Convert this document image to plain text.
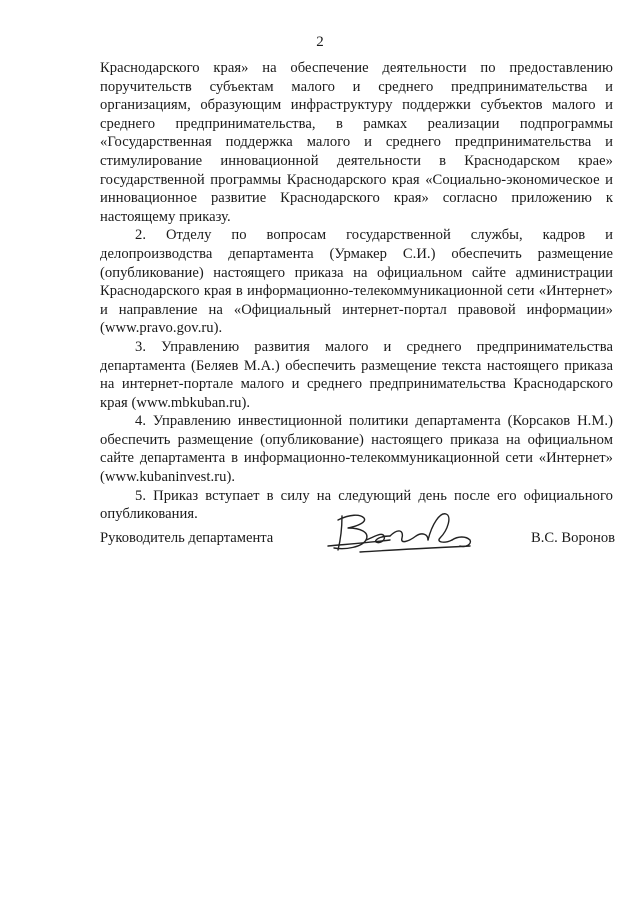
2

Краснодарского края» на обеспечение деятельности по предоставлению поручительств субъектам малого и среднего предпринимательства и организациям, образующим инфраструктуру поддержки субъектов малого и среднего предпринимательства, в рамках реализации подпрограммы «Государственная поддержка малого и среднего предпринимательства и стимулирование инновационной деятельности в Краснодарском крае» государственной программы Краснодарского края «Социально-экономическое и инновационное развитие Краснодарского края» согласно приложению к настоящему приказу.

2. Отделу по вопросам государственной службы, кадров и делопроизводства департамента (Урмакер С.И.) обеспечить размещение (опубликование) настоящего приказа на официальном сайте администрации Краснодарского края в информационно-телекоммуникационной сети «Интернет» и направление на «Официальный интернет-портал правовой информации» (www.pravo.gov.ru).

3. Управлению развития малого и среднего предпринимательства департамента (Беляев М.А.) обеспечить размещение текста настоящего приказа на интернет-портале малого и среднего предпринимательства Краснодарского края (www.mbkuban.ru).

4. Управлению инвестиционной политики департамента (Корсаков Н.М.) обеспечить размещение (опубликование) настоящего приказа на официальном сайте департамента в информационно-телекоммуникационной сети «Интернет» (www.kubaninvest.ru).

5. Приказ вступает в силу на следующий день после его официального опубликования.

Руководитель департамента	В.С. Воронов
